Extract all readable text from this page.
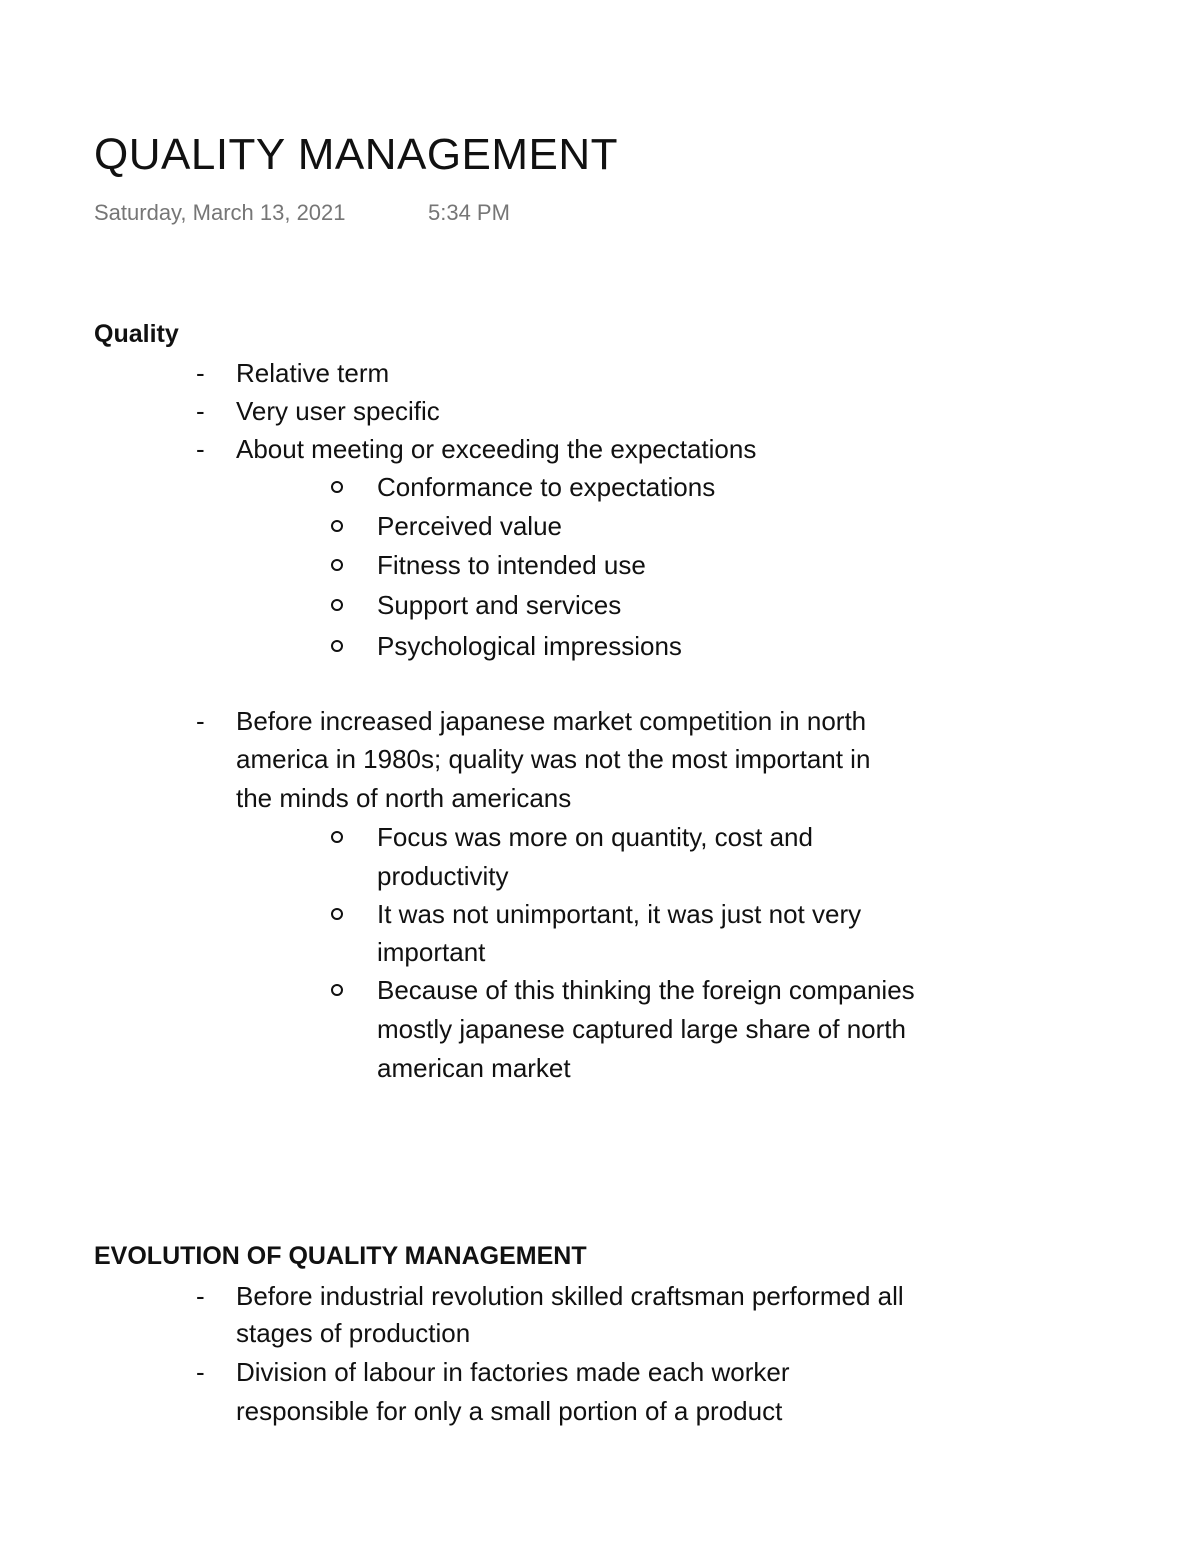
QUALITY MANAGEMENT
Saturday, March 13, 2021	5:34 PM
Quality
- Relative term
- Very user specific
- About meeting or exceeding the expectations
Conformance to expectations
Perceived value
Fitness to intended use
Support and services
Psychological impressions
- Before increased japanese market competition in north
america in 1980s; quality was not the most important in
the minds of north americans
Focus was more on quantity, cost and
productivity
It was not unimportant, it was just not very
important
Because of this thinking the foreign companies
mostly japanese captured large share of north
american market
EVOLUTION OF QUALITY MANAGEMENT
- Before industrial revolution skilled craftsman performed all
stages of production
- Division of labour in factories made each worker
responsible for only a small portion of a product
